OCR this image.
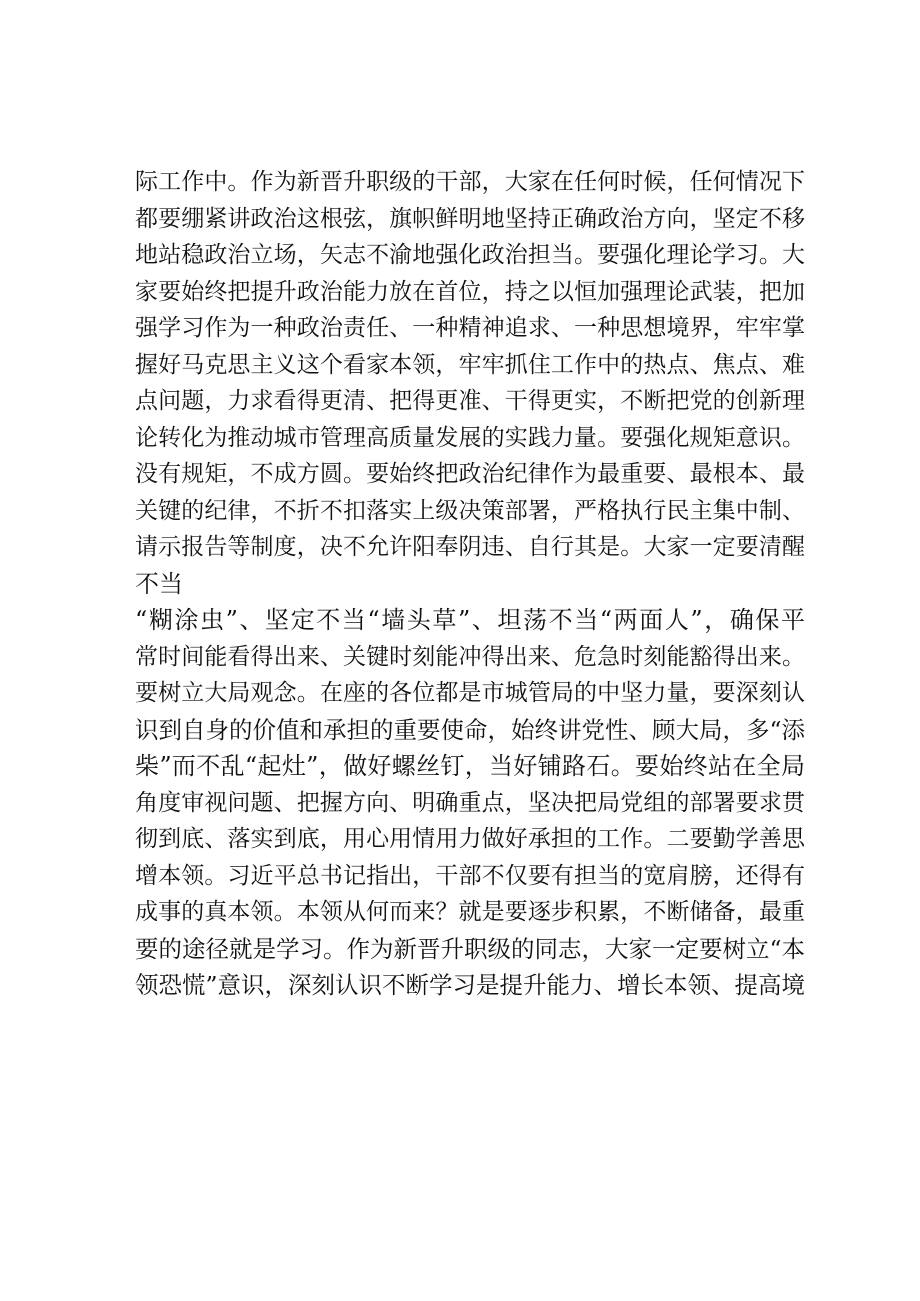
际工作中。作为新晋升职级的干部，大家在任何时候，任何情况下
都要绷紧讲政治这根弦，旗帜鲜明地坚持正确政治方向，坚定不移
地站稳政治立场，矢志不渝地强化政治担当。要强化理论学习。大
家要始终把提升政治能力放在首位，持之以恒加强理论武装，把加
强学习作为一种政治责任、一种精神追求、一种思想境界，牢牢掌
握好马克思主义这个看家本领，牢牢抓住工作中的热点、焦点、难
点问题，力求看得更清、把得更准、干得更实，不断把党的创新理
论转化为推动城市管理高质量发展的实践力量。要强化规矩意识。
没有规矩，不成方圆。要始终把政治纪律作为最重要、最根本、最
关键的纪律，不折不扣落实上级决策部署，严格执行民主集中制、
请示报告等制度，决不允许阳奉阴违、自行其是。大家一定要清醒
不当
“糊涂虫”、坚定不当“墙头草”、坦荡不当“两面人”，确保平
常时间能看得出来、关键时刻能冲得出来、危急时刻能豁得出来。
要树立大局观念。在座的各位都是市城管局的中坚力量，要深刻认
识到自身的价值和承担的重要使命，始终讲党性、顾大局，多“添
柴”而不乱“起灶”，做好螺丝钉，当好铺路石。要始终站在全局
角度审视问题、把握方向、明确重点，坚决把局党组的部署要求贯
彻到底、落实到底，用心用情用力做好承担的工作。二要勤学善思
增本领。习近平总书记指出，干部不仅要有担当的宽肩膀，还得有
成事的真本领。本领从何而来？就是要逐步积累，不断储备，最重
要的途径就是学习。作为新晋升职级的同志，大家一定要树立“本
领恐慌”意识，深刻认识不断学习是提升能力、增长本领、提高境
